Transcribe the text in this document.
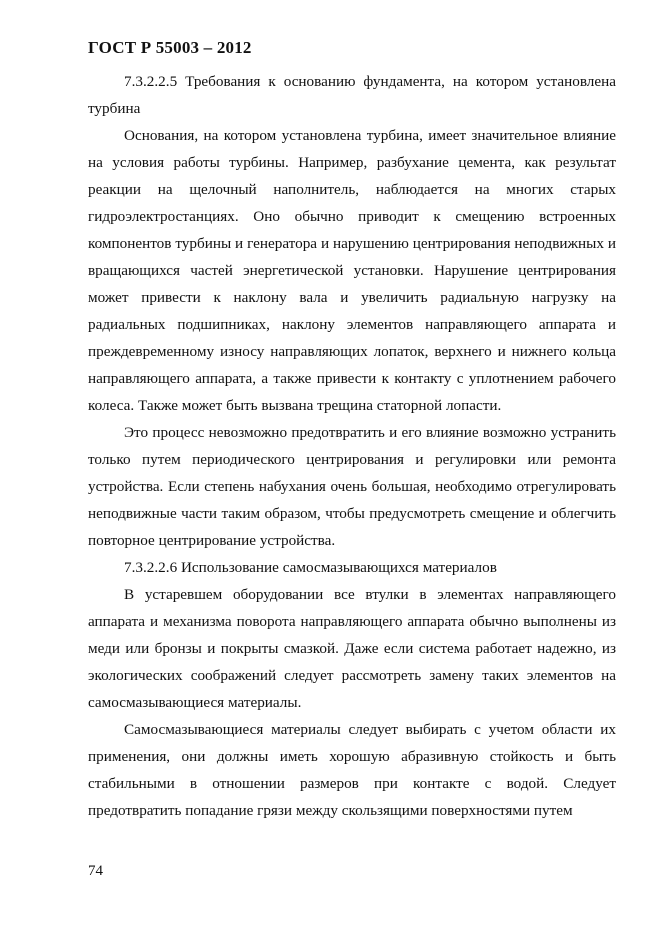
ГОСТ Р 55003 – 2012

7.3.2.2.5 Требования к основанию фундамента, на котором установлена турбина

Основания, на котором установлена турбина, имеет значительное влияние на условия работы турбины. Например, разбухание цемента, как результат реакции на щелочный наполнитель, наблюдается на многих старых гидроэлектростанциях. Оно обычно приводит к смещению встроенных компонентов турбины и генератора и нарушению центрирования неподвижных и вращающихся частей энергетической установки. Нарушение центрирования может привести к наклону вала и увеличить радиальную нагрузку на радиальных подшипниках, наклону элементов направляющего аппарата и преждевременному износу направляющих лопаток, верхнего и нижнего кольца направляющего аппарата, а также привести к контакту с уплотнением рабочего колеса. Также может быть вызвана трещина статорной лопасти.

Это процесс невозможно предотвратить и его влияние возможно устранить только путем периодического центрирования и регулировки или ремонта устройства. Если степень набухания очень большая, необходимо отрегулировать неподвижные части таким образом, чтобы предусмотреть смещение и облегчить повторное центрирование устройства.

7.3.2.2.6 Использование самосмазывающихся материалов

В устаревшем оборудовании все втулки в элементах направляющего аппарата и механизма поворота направляющего аппарата обычно выполнены из меди или бронзы и покрыты смазкой. Даже если система работает надежно, из экологических соображений следует рассмотреть замену таких элементов на самосмазывающиеся материалы.

Самосмазывающиеся материалы следует выбирать с учетом области их применения, они должны иметь хорошую абразивную стойкость и быть стабильными в отношении размеров при контакте с водой. Следует предотвратить попадание грязи между скользящими поверхностями путем

74
